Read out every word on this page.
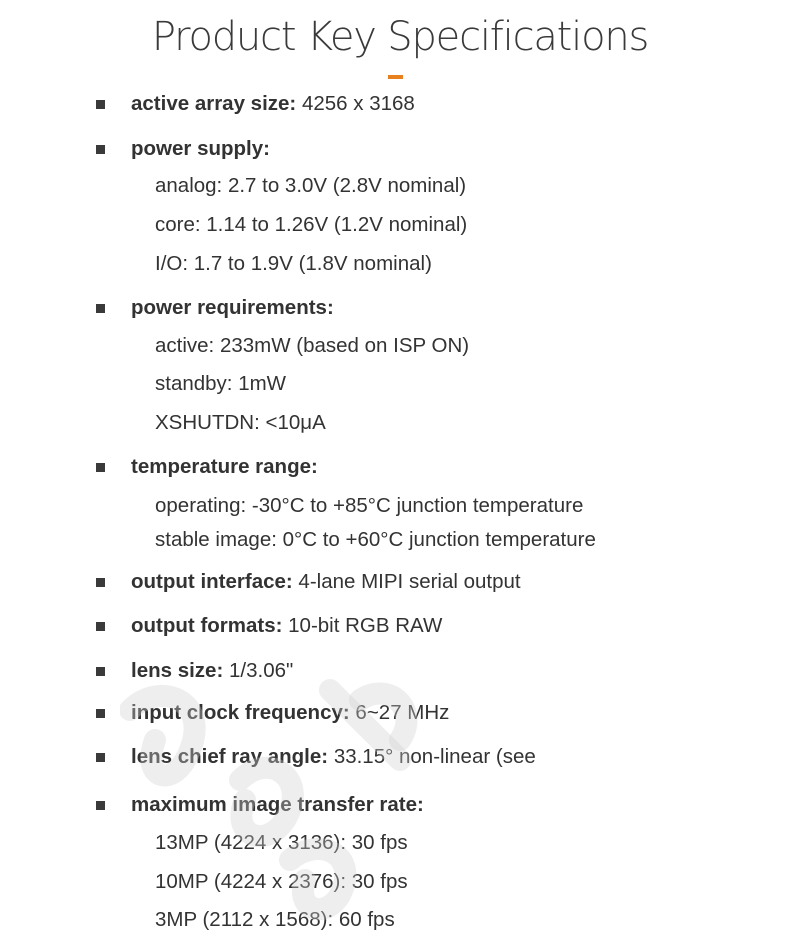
Product Key Specifications
active array size: 4256 x 3168
power supply:
analog: 2.7 to 3.0V (2.8V nominal)
core: 1.14 to 1.26V (1.2V nominal)
I/O: 1.7 to 1.9V (1.8V nominal)
power requirements:
active: 233mW (based on ISP ON)
standby: 1mW
XSHUTDN: <10μA
temperature range:
operating: -30°C to +85°C junction temperature
stable image: 0°C to +60°C junction temperature
output interface: 4-lane MIPI serial output
output formats: 10-bit RGB RAW
lens size: 1/3.06"
input clock frequency: 6~27 MHz
lens chief ray angle: 33.15° non-linear (see
maximum image transfer rate:
13MP (4224 x 3136): 30 fps
10MP (4224 x 2376): 30 fps
3MP (2112 x 1568): 60 fps
